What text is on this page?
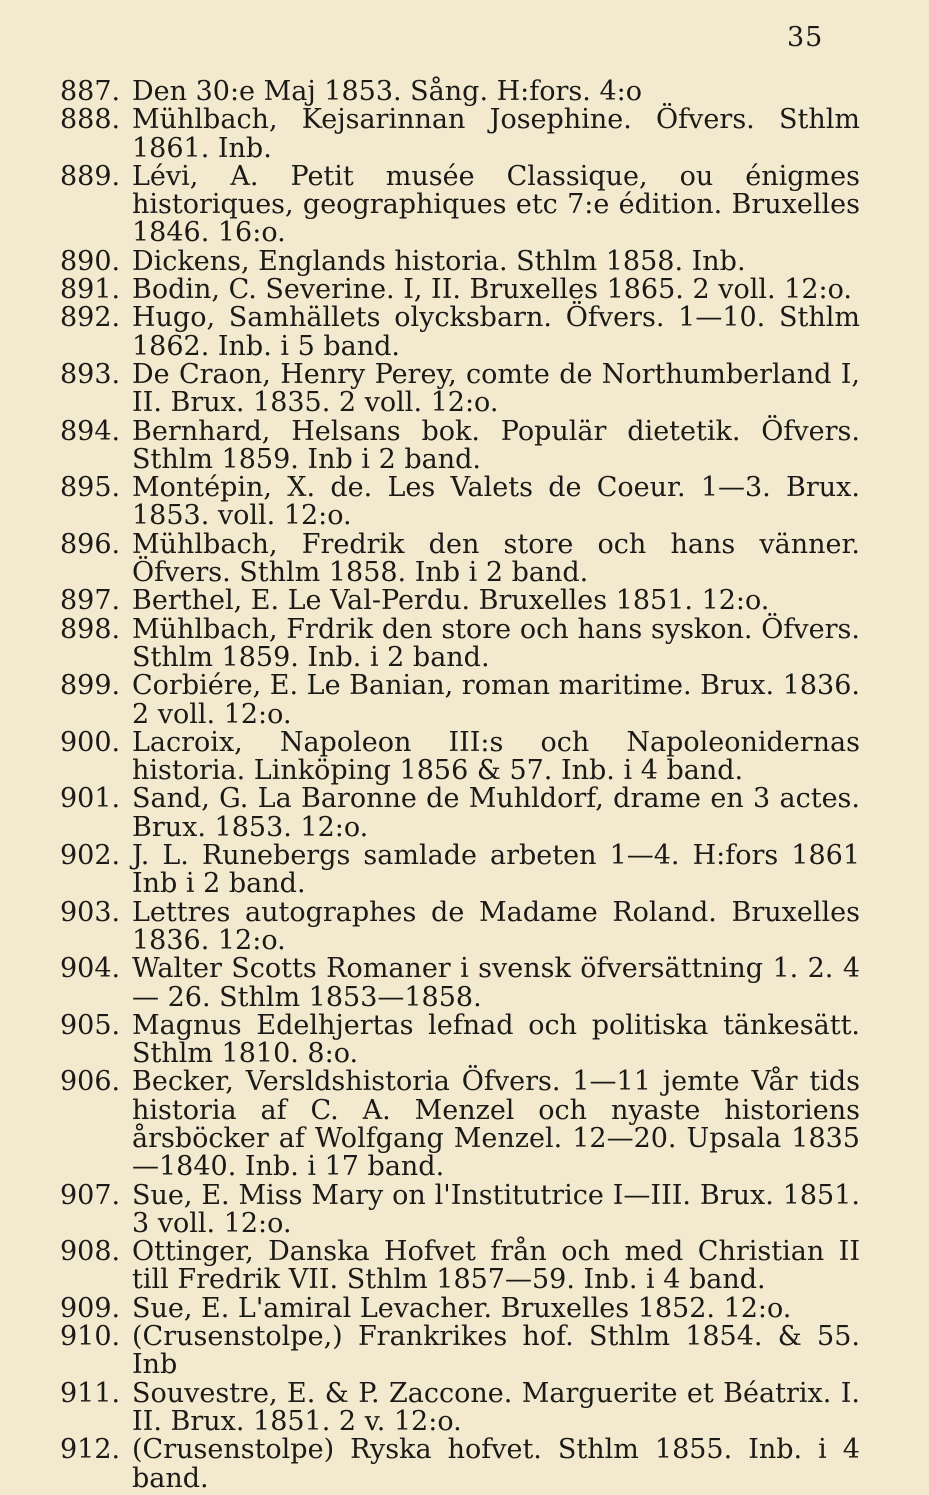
35
887. Den 30:e Maj 1853. Sång. H:fors. 4:o
888. Mühlbach, Kejsarinnan Josephine. Öfvers. Sthlm 1861. Inb.
889. Lévi, A. Petit musée Classique, ou énigmes historiques, geographiques etc 7:e édition. Bruxelles 1846. 16:o.
890. Dickens, Englands historia. Sthlm 1858. Inb.
891. Bodin, C. Severine. I, II. Bruxelles 1865. 2 voll. 12:o.
892. Hugo, Samhällets olycksbarn. Öfvers. 1—10. Sthlm 1862. Inb. i 5 band.
893. De Craon, Henry Perey, comte de Northumberland I, II. Brux. 1835. 2 voll. 12:o.
894. Bernhard, Helsans bok. Populär dietetik. Öfvers. Sthlm 1859. Inb i 2 band.
895. Montépin, X. de. Les Valets de Coeur. 1—3. Brux. 1853. voll. 12:o.
896. Mühlbach, Fredrik den store och hans vänner. Öfvers. Sthlm 1858. Inb i 2 band.
897. Berthel, E. Le Val-Perdu. Bruxelles 1851. 12:o.
898. Mühlbach, Frdrik den store och hans syskon. Öfvers. Sthlm 1859. Inb. i 2 band.
899. Corbiére, E. Le Banian, roman maritime. Brux. 1836. 2 voll. 12:o.
900. Lacroix, Napoleon III:s och Napoleonidernas historia. Linköping 1856 & 57. Inb. i 4 band.
901. Sand, G. La Baronne de Muhldorf, drame en 3 actes. Brux. 1853. 12:o.
902. J. L. Runebergs samlade arbeten 1—4. H:fors 1861 Inb i 2 band.
903. Lettres autographes de Madame Roland. Bruxelles 1836. 12:o.
904. Walter Scotts Romaner i svensk öfversättning 1. 2. 4— 26. Sthlm 1853—1858.
905. Magnus Edelhjertas lefnad och politiska tänkesätt. Sthlm 1810. 8:o.
906. Becker, Versldshistoria Öfvers. 1—11 jemte Vår tids historia af C. A. Menzel och nyaste historiens årsböcker af Wolfgang Menzel. 12—20. Upsala 1835—1840. Inb. i 17 band.
907. Sue, E. Miss Mary on l'Institutrice I—III. Brux. 1851. 3 voll. 12:o.
908. Ottinger, Danska Hofvet från och med Christian II till Fredrik VII. Sthlm 1857—59. Inb. i 4 band.
909. Sue, E. L'amiral Levacher. Bruxelles 1852. 12:o.
910. (Crusenstolpe,) Frankrikes hof. Sthlm 1854. & 55. Inb
911. Souvestre, E. & P. Zaccone. Marguerite et Béatrix. I. II. Brux. 1851. 2 v. 12:o.
912. (Crusenstolpe) Ryska hofvet. Sthlm 1855. Inb. i 4 band.
